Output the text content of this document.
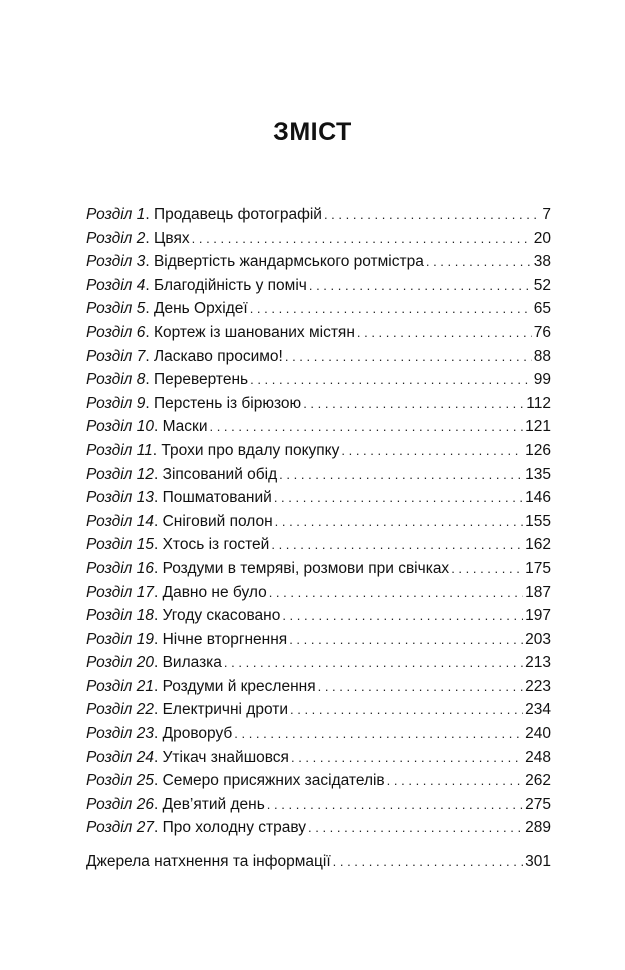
ЗМІСТ
Розділ 1 . Продавець фотографій . . .	7
Розділ 2 . Цвях . . .	20
Розділ 3 . Відвертість жандармського ротмістра . . .	38
Розділ 4 . Благодійність у поміч . . .	52
Розділ 5 . День Орхідеї . . .	65
Розділ 6 . Кортеж із шанованих містян . . .	76
Розділ 7 . Ласкаво просимо! . . .	88
Розділ 8 . Перевертень . . .	99
Розділ 9 . Перстень із бірюзою . . .	112
Розділ 10 . Маски . . .	121
Розділ 11 . Трохи про вдалу покупку . . .	126
Розділ 12 . Зіпсований обід . . .	135
Розділ 13 . Пошматований . . .	146
Розділ 14 . Сніговий полон . . .	155
Розділ 15 . Хтось із гостей . . .	162
Розділ 16 . Роздуми в темряві, розмови при свічках . . .	175
Розділ 17 . Давно не було . . .	187
Розділ 18 . Угоду скасовано . . .	197
Розділ 19 . Нічне вторгнення . . .	203
Розділ 20 . Вилазка . . .	213
Розділ 21 . Роздуми й креслення . . .	223
Розділ 22 . Електричні дроти . . .	234
Розділ 23 . Дроворуб . . .	240
Розділ 24 . Утікач знайшовся . . .	248
Розділ 25 . Семеро присяжних засідателів . . .	262
Розділ 26 . Дев’ятий день . . .	275
Розділ 27 . Про холодну страву . . .	289
Джерела натхнення та інформації . . .	301
